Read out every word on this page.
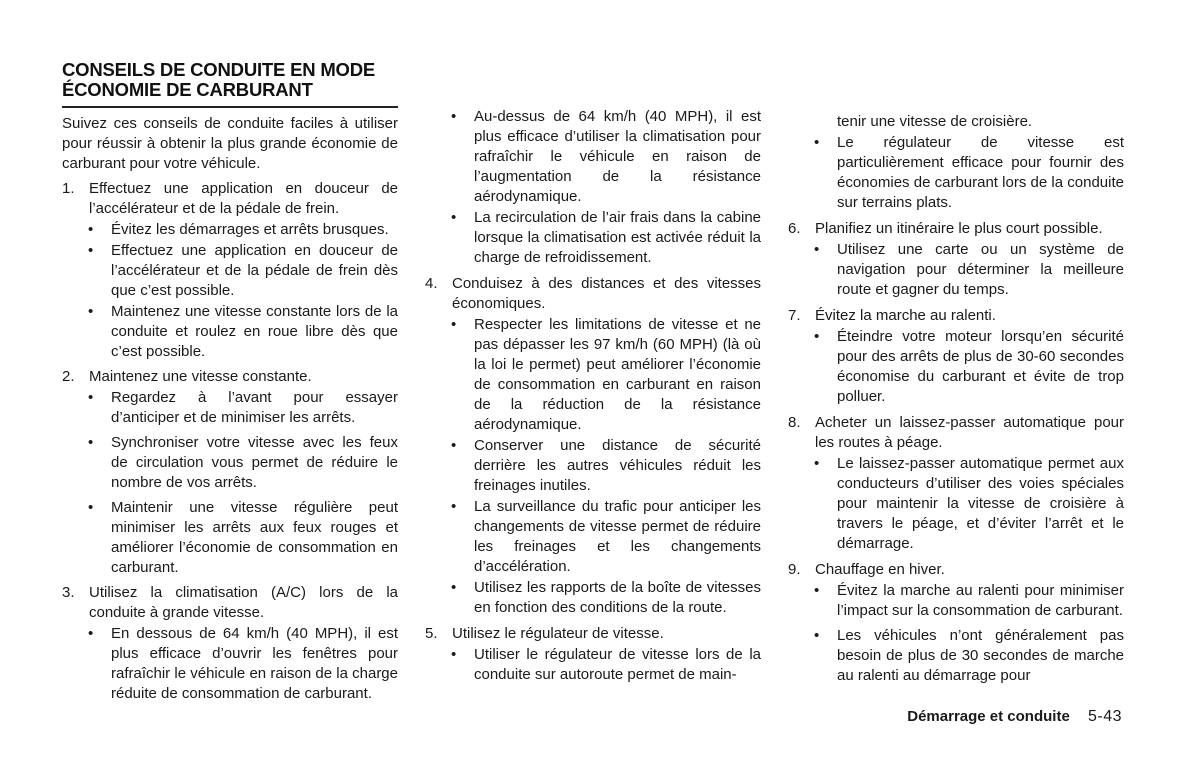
CONSEILS DE CONDUITE EN MODE
ÉCONOMIE DE CARBURANT
Suivez ces conseils de conduite faciles à utiliser pour réussir à obtenir la plus grande économie de carburant pour votre véhicule.
1. Effectuez une application en douceur de l’accélérateur et de la pédale de frein.
• Évitez les démarrages et arrêts brusques.
• Effectuez une application en douceur de l’accélérateur et de la pédale de frein dès que c’est possible.
• Maintenez une vitesse constante lors de la conduite et roulez en roue libre dès que c’est possible.
2. Maintenez une vitesse constante.
• Regardez à l’avant pour essayer d’anticiper et de minimiser les arrêts.
• Synchroniser votre vitesse avec les feux de circulation vous permet de réduire le nombre de vos arrêts.
• Maintenir une vitesse régulière peut minimiser les arrêts aux feux rouges et améliorer l’économie de consommation en carburant.
3. Utilisez la climatisation (A/C) lors de la conduite à grande vitesse.
• En dessous de 64 km/h (40 MPH), il est plus efficace d’ouvrir les fenêtres pour rafraîchir le véhicule en raison de la charge réduite de consommation de carburant.
• Au-dessus de 64 km/h (40 MPH), il est plus efficace d’utiliser la climatisation pour rafraîchir le véhicule en raison de l’augmentation de la résistance aérodynamique.
• La recirculation de l’air frais dans la cabine lorsque la climatisation est activée réduit la charge de refroidissement.
4. Conduisez à des distances et des vitesses économiques.
• Respecter les limitations de vitesse et ne pas dépasser les 97 km/h (60 MPH) (là où la loi le permet) peut améliorer l’économie de consommation en carburant en raison de la réduction de la résistance aérodynamique.
• Conserver une distance de sécurité derrière les autres véhicules réduit les freinages inutiles.
• La surveillance du trafic pour anticiper les changements de vitesse permet de réduire les freinages et les changements d’accélération.
• Utilisez les rapports de la boîte de vitesses en fonction des conditions de la route.
5. Utilisez le régulateur de vitesse.
• Utiliser le régulateur de vitesse lors de la conduite sur autoroute permet de main-
tenir une vitesse de croisière.
• Le régulateur de vitesse est particulièrement efficace pour fournir des économies de carburant lors de la conduite sur terrains plats.
6. Planifiez un itinéraire le plus court possible.
• Utilisez une carte ou un système de navigation pour déterminer la meilleure route et gagner du temps.
7. Évitez la marche au ralenti.
• Éteindre votre moteur lorsqu’en sécurité pour des arrêts de plus de 30-60 secondes économise du carburant et évite de trop polluer.
8. Acheter un laissez-passer automatique pour les routes à péage.
• Le laissez-passer automatique permet aux conducteurs d’utiliser des voies spéciales pour maintenir la vitesse de croisière à travers le péage, et d’éviter l’arrêt et le démarrage.
9. Chauffage en hiver.
• Évitez la marche au ralenti pour minimiser l’impact sur la consommation de carburant.
• Les véhicules n’ont généralement pas besoin de plus de 30 secondes de marche au ralenti au démarrage pour
Démarrage et conduite 5-43
